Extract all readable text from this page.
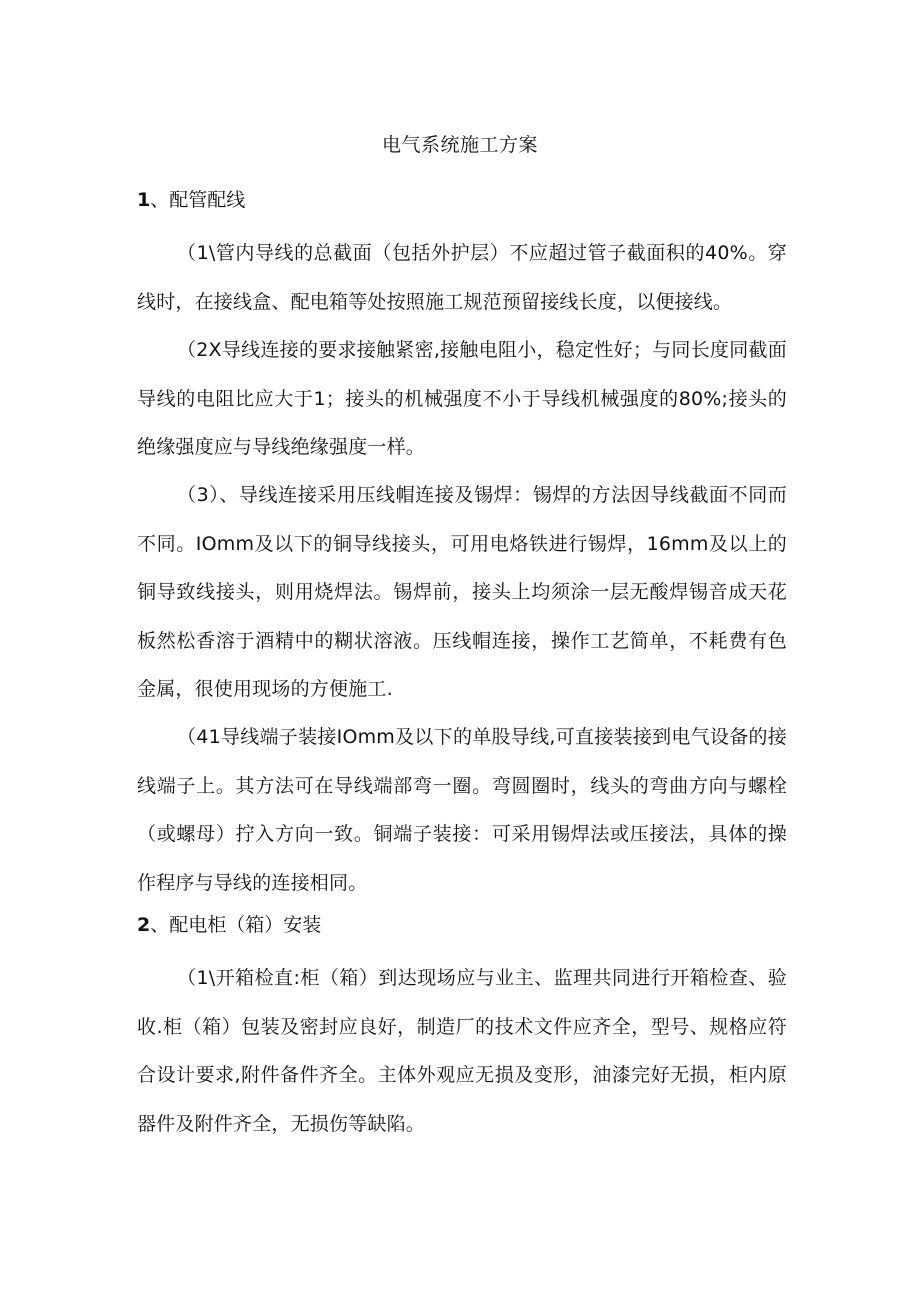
电气系统施工方案
1、配管配线

（1\管内导线的总截面（包括外护层）不应超过管子截面积的40%。穿线时，在接线盒、配电箱等处按照施工规范预留接线长度，以便接线。

（2X导线连接的要求接触紧密,接触电阻小，稳定性好；与同长度同截面导线的电阻比应大于1；接头的机械强度不小于导线机械强度的80%;接头的绝缘强度应与导线绝缘强度一样。

（3）、导线连接采用压线帽连接及锡焊：锡焊的方法因导线截面不同而不同。IOmm及以下的铜导线接头，可用电烙铁进行锡焊，16mm及以上的铜导致线接头，则用烧焊法。锡焊前，接头上均须涂一层无酸焊锡音成天花板然松香溶于酒精中的糊状溶液。压线帽连接，操作工艺简单，不耗费有色金属，很使用现场的方便施工.

（41导线端子装接IOmm及以下的单股导线,可直接装接到电气设备的接线端子上。其方法可在导线端部弯一圈。弯圆圈时，线头的弯曲方向与螺栓（或螺母）拧入方向一致。铜端子装接：可采用锡焊法或压接法，具体的操作程序与导线的连接相同。

2、配电柜（箱）安装

（1\开箱检直:柜（箱）到达现场应与业主、监理共同进行开箱检查、验收.柜（箱）包装及密封应良好，制造厂的技术文件应齐全，型号、规格应符合设计要求,附件备件齐全。主体外观应无损及变形，油漆完好无损，柜内原器件及附件齐全，无损伤等缺陷。
